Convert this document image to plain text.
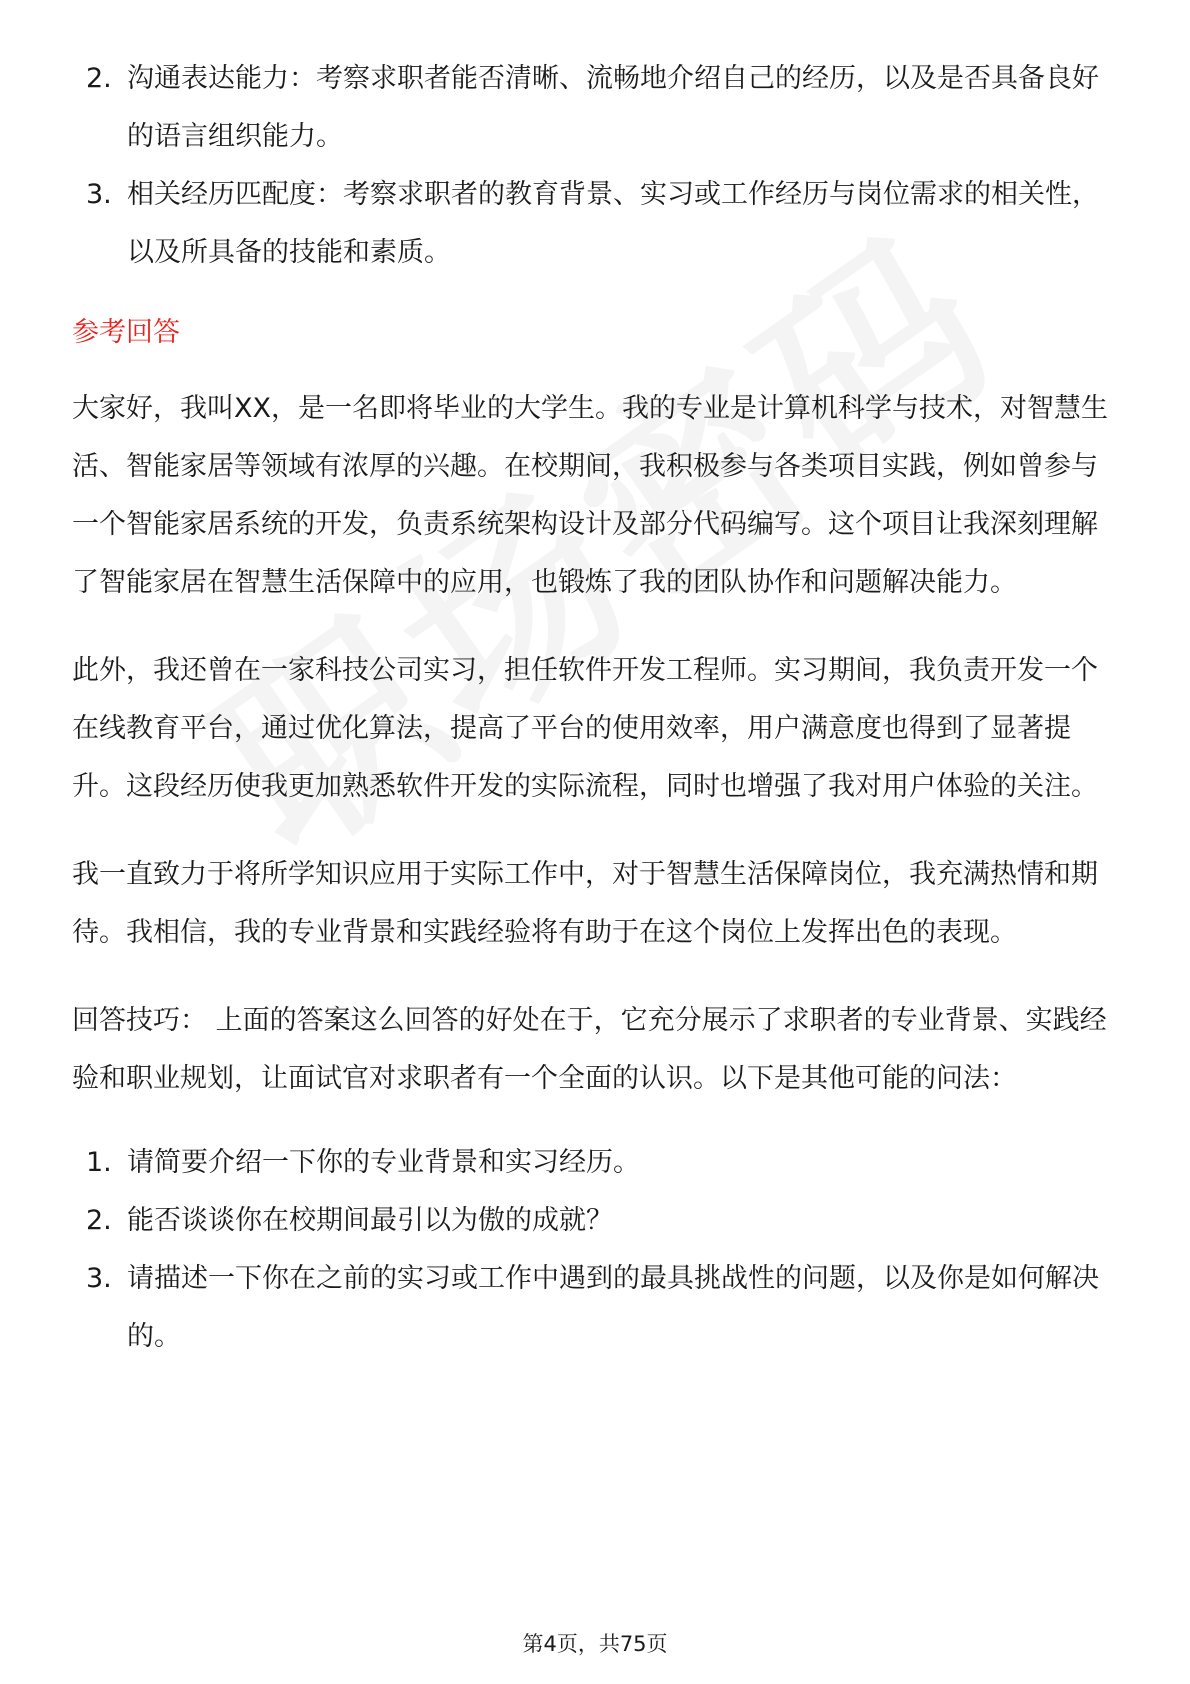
2. 沟通表达能力：考察求职者能否清晰、流畅地介绍自己的经历，以及是否具备良好的语言组织能力。
3. 相关经历匹配度：考察求职者的教育背景、实习或工作经历与岗位需求的相关性，以及所具备的技能和素质。
参考回答

大家好，我叫XX，是一名即将毕业的大学生。我的专业是计算机科学与技术，对智慧生活、智能家居等领域有浓厚的兴趣。在校期间，我积极参与各类项目实践，例如曾参与一个智能家居系统的开发，负责系统架构设计及部分代码编写。这个项目让我深刻理解了智能家居在智慧生活保障中的应用，也锻炼了我的团队协作和问题解决能力。

此外，我还曾在一家科技公司实习，担任软件开发工程师。实习期间，我负责开发一个在线教育平台，通过优化算法，提高了平台的使用效率，用户满意度也得到了显著提升。这段经历使我更加熟悉软件开发的实际流程，同时也增强了我对用户体验的关注。

我一直致力于将所学知识应用于实际工作中，对于智慧生活保障岗位，我充满热情和期待。我相信，我的专业背景和实践经验将有助于在这个岗位上发挥出色的表现。

回答技巧： 上面的答案这么回答的好处在于，它充分展示了求职者的专业背景、实践经验和职业规划，让面试官对求职者有一个全面的认识。以下是其他可能的问法：

1. 请简要介绍一下你的专业背景和实习经历。
2. 能否谈谈你在校期间最引以为傲的成就？
3. 请描述一下你在之前的实习或工作中遇到的最具挑战性的问题，以及你是如何解决的。
第4页，共75页
